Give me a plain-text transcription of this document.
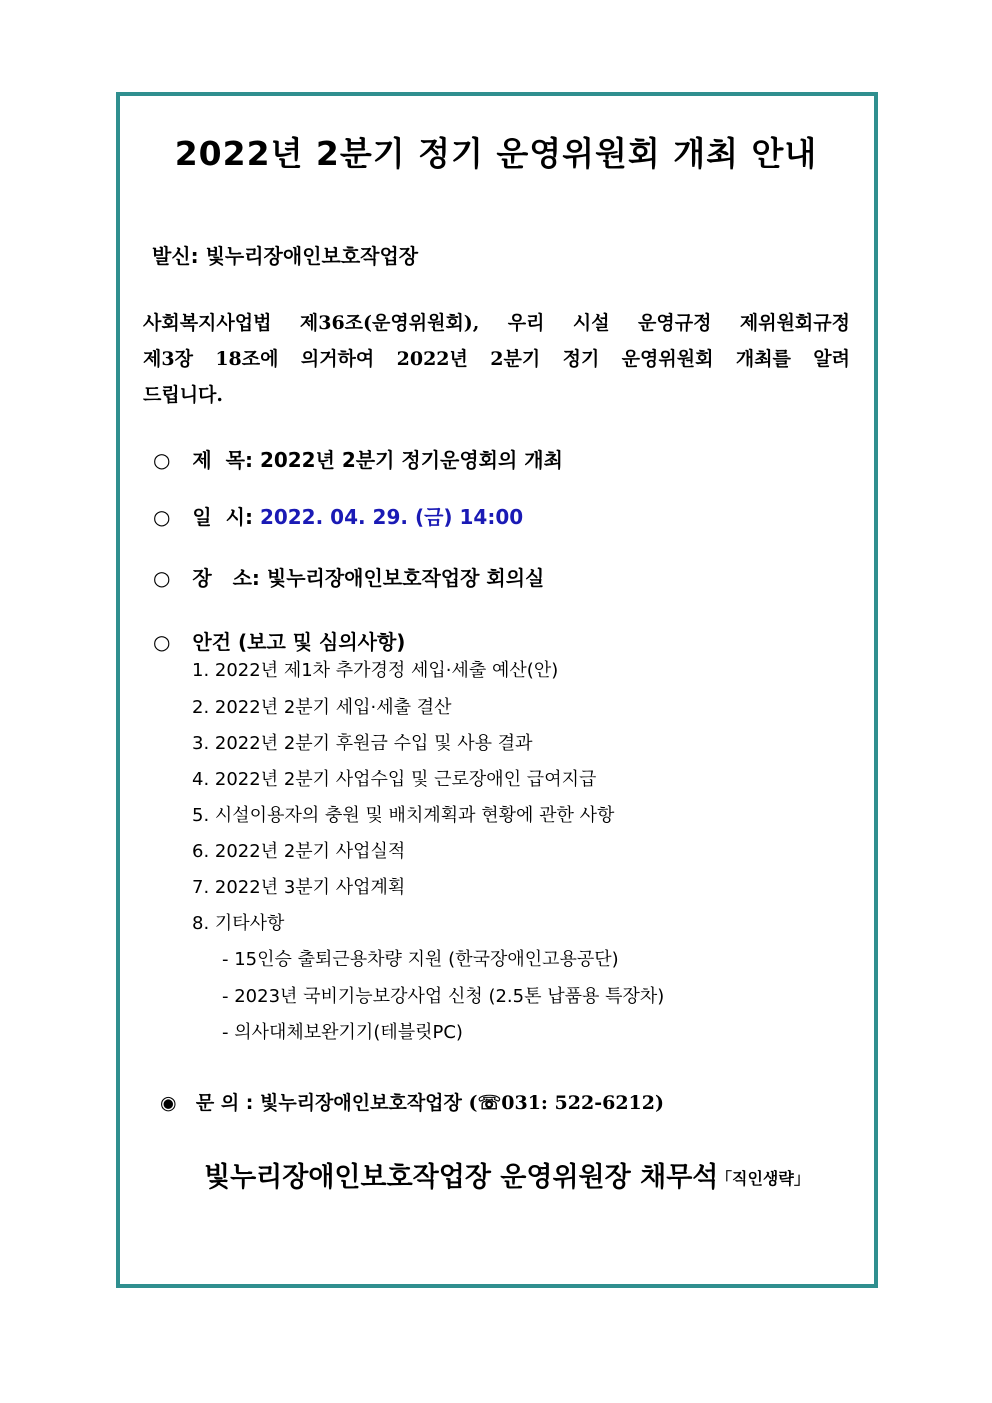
2022년 2분기 정기 운영위원회 개최 안내
발신: 빛누리장애인보호작업장
사회복지사업법 제36조(운영위원회), 우리 시설 운영규정 제위원회규정
제3장 18조에 의거하여 2022년 2분기 정기 운영위원회 개최를 알려
드립니다.
○ 제  목: 2022년 2분기 정기운영회의 개최
○ 일  시: 2022. 04. 29. (금) 14:00
○ 장   소: 빛누리장애인보호작업장 회의실
○ 안건 (보고 및 심의사항)
1. 2022년 제1차 추가경정 세입·세출 예산(안)
2. 2022년 2분기 세입·세출 결산
3. 2022년 2분기 후원금 수입 및 사용 결과
4. 2022년 2분기 사업수입 및 근로장애인 급여지급
5. 시설이용자의 충원 및 배치계획과 현황에 관한 사항
6. 2022년 2분기 사업실적
7. 2022년 3분기 사업계획
8. 기타사항
- 15인승 출퇴근용차량 지원 (한국장애인고용공단)
- 2023년 국비기능보강사업 신청 (2.5톤 납품용 특장차)
- 의사대체보완기기(테블릿PC)
◉ 문 의 : 빛누리장애인보호작업장 (☏031: 522-6212)
빛누리장애인보호작업장 운영위원장 채무석
「직인생략」
